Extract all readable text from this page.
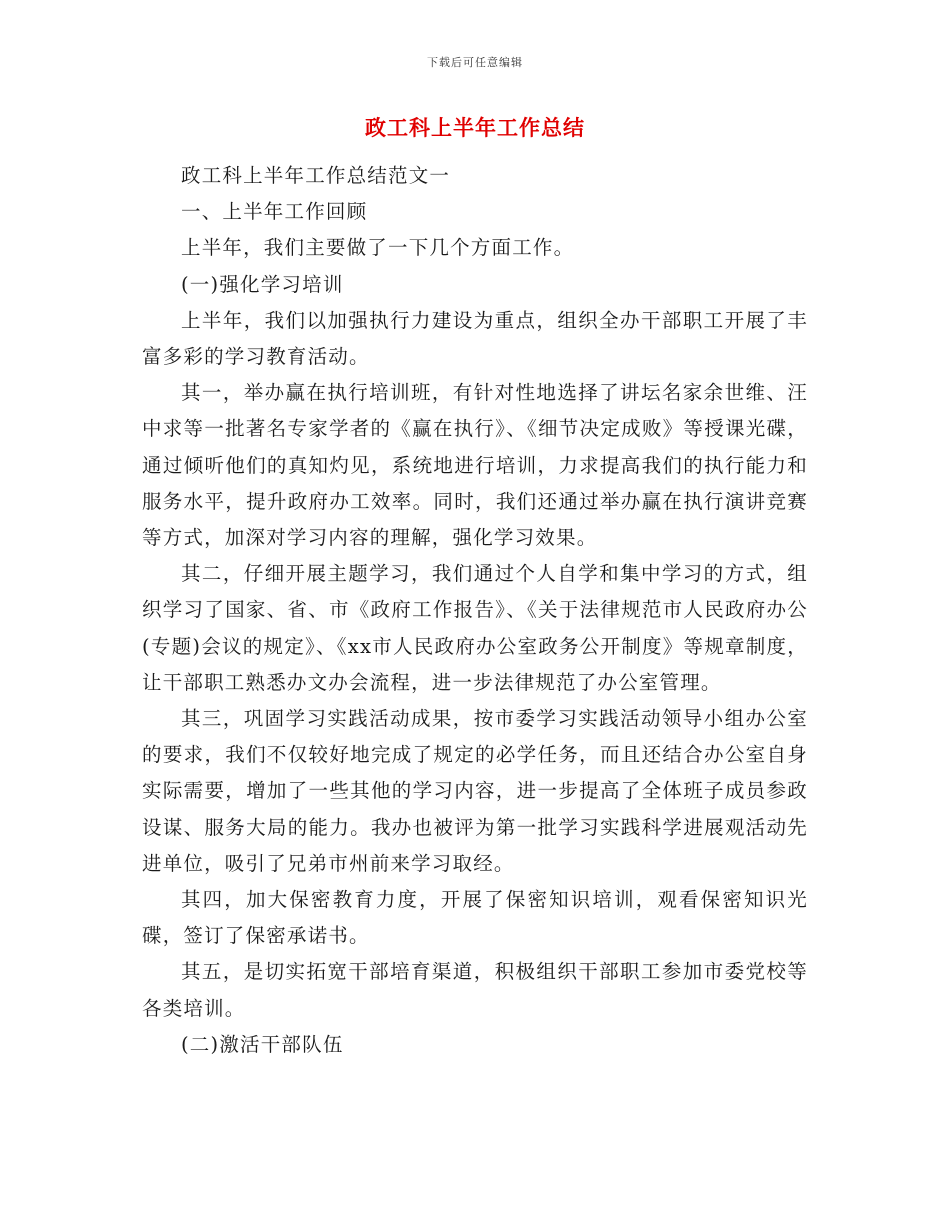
下载后可任意编辑
政工科上半年工作总结

政工科上半年工作总结范文一

一、上半年工作回顾

上半年，我们主要做了一下几个方面工作。

(一)强化学习培训

上半年，我们以加强执行力建设为重点，组织全办干部职工开展了丰富多彩的学习教育活动。

其一，举办赢在执行培训班，有针对性地选择了讲坛名家余世维、汪中求等一批著名专家学者的《赢在执行》、《细节决定成败》等授课光碟，通过倾听他们的真知灼见，系统地进行培训，力求提高我们的执行能力和服务水平，提升政府办工效率。同时，我们还通过举办赢在执行演讲竞赛等方式，加深对学习内容的理解，强化学习效果。

其二，仔细开展主题学习，我们通过个人自学和集中学习的方式，组织学习了国家、省、市《政府工作报告》、《关于法律规范市人民政府办公(专题)会议的规定》、《xx市人民政府办公室政务公开制度》等规章制度，让干部职工熟悉办文办会流程，进一步法律规范了办公室管理。

其三，巩固学习实践活动成果，按市委学习实践活动领导小组办公室的要求，我们不仅较好地完成了规定的必学任务，而且还结合办公室自身实际需要，增加了一些其他的学习内容，进一步提高了全体班子成员参政设谋、服务大局的能力。我办也被评为第一批学习实践科学进展观活动先进单位，吸引了兄弟市州前来学习取经。

其四，加大保密教育力度，开展了保密知识培训，观看保密知识光碟，签订了保密承诺书。

其五，是切实拓宽干部培育渠道，积极组织干部职工参加市委党校等各类培训。

(二)激活干部队伍
